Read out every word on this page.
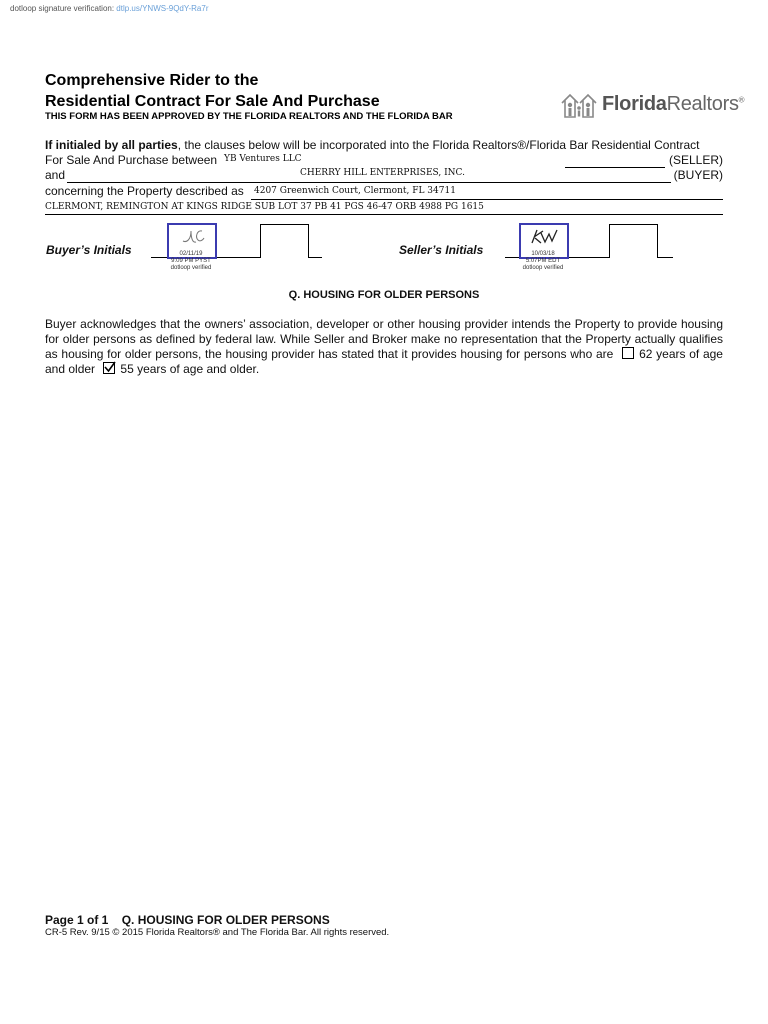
dotloop signature verification: dtlp.us/YNWS-9QdY-Ra7r
Comprehensive Rider to the
Residential Contract For Sale And Purchase
THIS FORM HAS BEEN APPROVED BY THE FLORIDA REALTORS AND THE FLORIDA BAR
FloridaRealtors®
If initialed by all parties, the clauses below will be incorporated into the Florida Realtors®/Florida Bar Residential Contract
For Sale And Purchase between YB Ventures LLC	(SELLER)
and	CHERRY HILL ENTERPRISES, INC.	(BUYER)
concerning the Property described as 4207 Greenwich Court, Clermont, FL 34711
CLERMONT, REMINGTON AT KINGS RIDGE SUB LOT 37 PB 41 PGS 46-47 ORB 4988 PG 1615
Buyer’s Initials	02/11/19
9:09 PM PYST
dotloop verified
Seller’s Initials	10/03/18
5:07PM EDT
dotloop verified
Q. HOUSING FOR OLDER PERSONS
Buyer acknowledges that the owners’ association, developer or other housing provider intends the Property to provide housing for older persons as defined by federal law. While Seller and Broker make no representation that the Property actually qualifies as housing for older persons, the housing provider has stated that it provides housing for persons who are 62 years of age and older 55 years of age and older.
Page 1 of 1 Q. HOUSING FOR OLDER PERSONS
CR-5 Rev. 9/15 © 2015 Florida Realtors® and The Florida Bar. All rights reserved.
